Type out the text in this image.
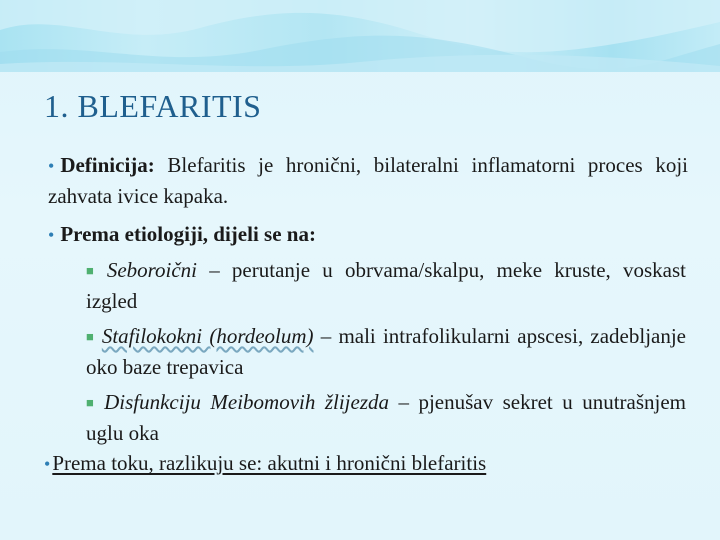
1. BLEFARITIS

• Definicija: Blefaritis je hronični, bilateralni inflamatorni proces koji zahvata ivice kapaka.

• Prema etiologiji, dijeli se na:

■ Seboroični – perutanje u obrvama/skalpu, meke kruste, voskast izgled

■ Stafilokokni (hordeolum) – mali intrafolikularni apscesi, zadebljanje oko baze trepavica

■ Disfunkciju Meibomovih žlijezda – pjenušav sekret u unutrašnjem uglu oka

•Prema toku, razlikuju se: akutni i hronični blefaritis
